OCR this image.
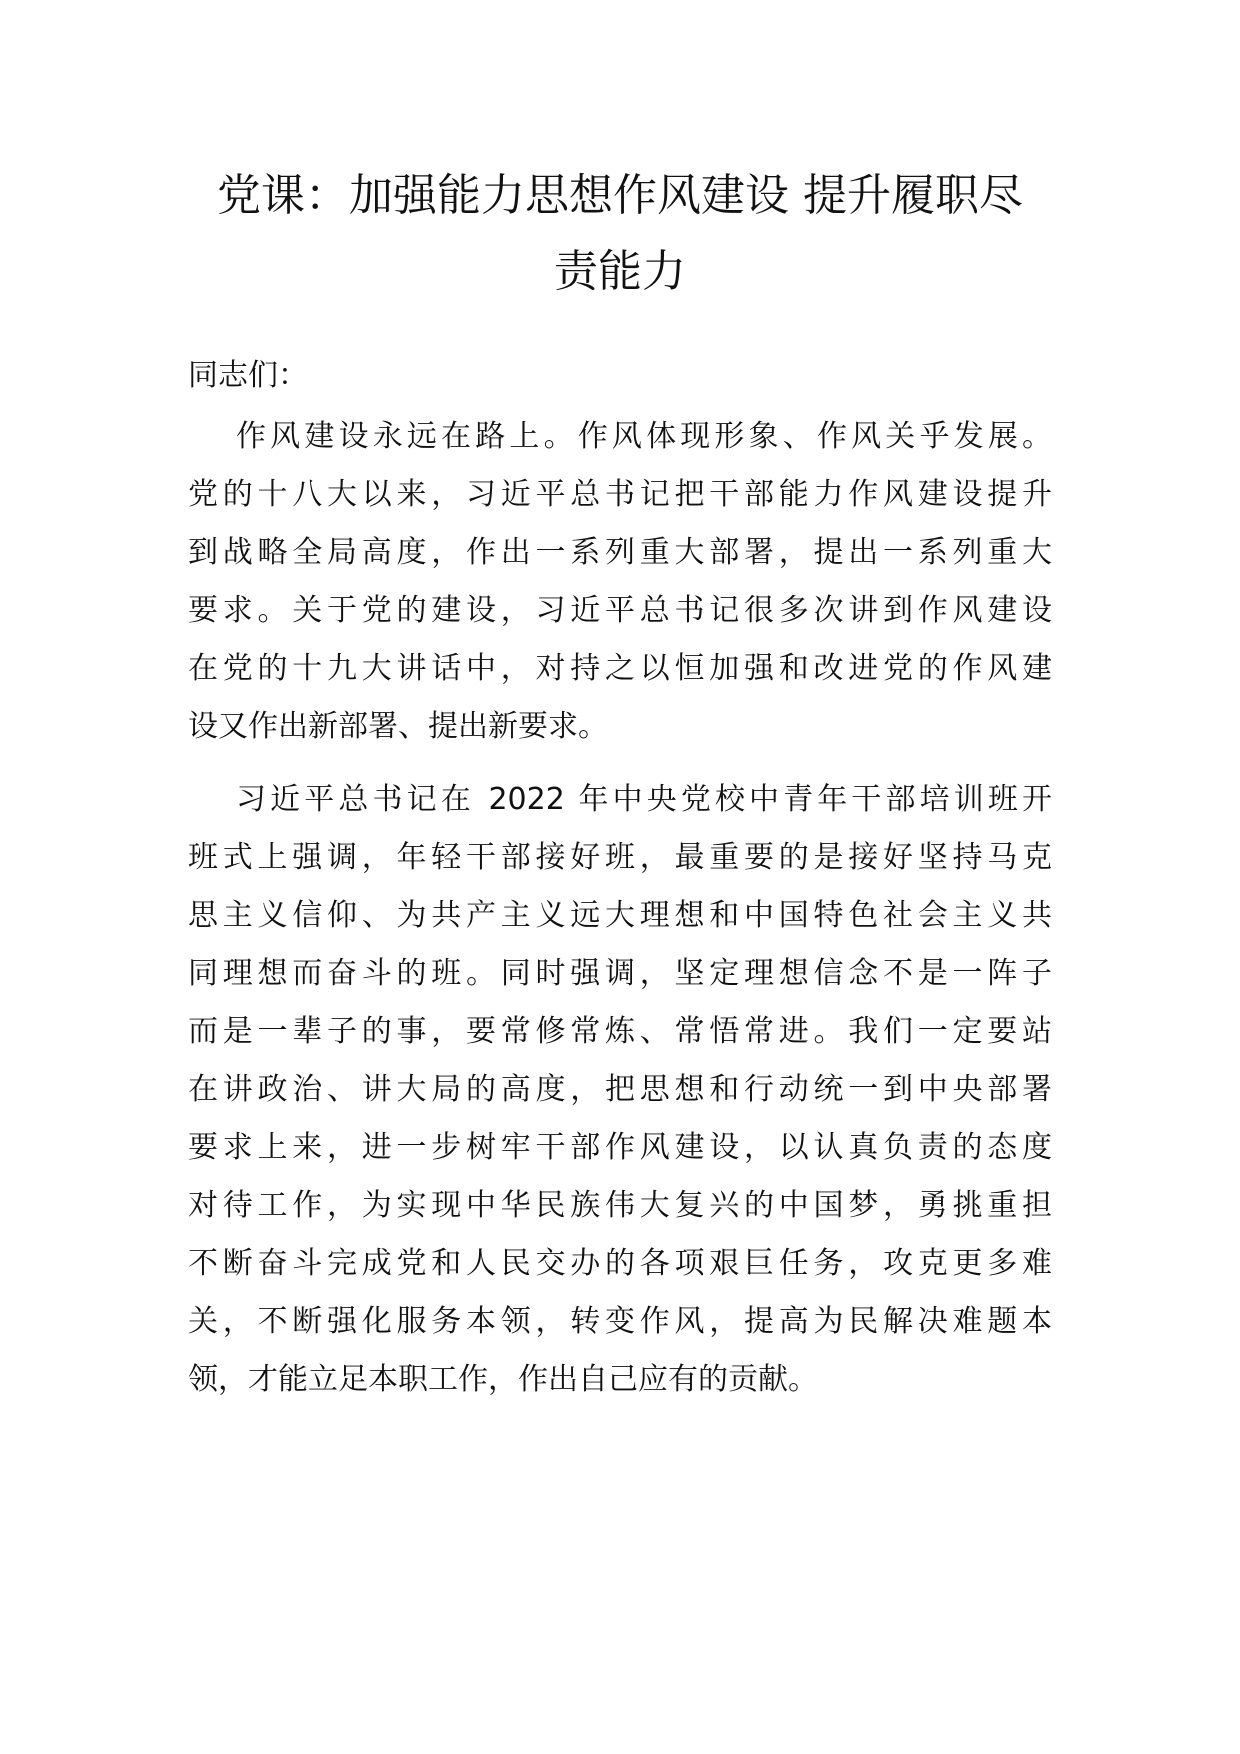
党课：加强能力思想作风建设 提升履职尽
责能力

同志们：

作风建设永远在路上。作风体现形象、作风关乎发展。

党的十八大以来，习近平总书记把干部能力作风建设提升

到战略全局高度，作出一系列重大部署，提出一系列重大

要求。关于党的建设，习近平总书记很多次讲到作风建设

在党的十九大讲话中，对持之以恒加强和改进党的作风建

设又作出新部署、提出新要求。

习近平总书记在 2022 年中央党校中青年干部培训班开

班式上强调，年轻干部接好班，最重要的是接好坚持马克

思主义信仰、为共产主义远大理想和中国特色社会主义共

同理想而奋斗的班。同时强调，坚定理想信念不是一阵子

而是一辈子的事，要常修常炼、常悟常进。我们一定要站

在讲政治、讲大局的高度，把思想和行动统一到中央部署

要求上来，进一步树牢干部作风建设，以认真负责的态度

对待工作，为实现中华民族伟大复兴的中国梦，勇挑重担

不断奋斗完成党和人民交办的各项艰巨任务，攻克更多难

关，不断强化服务本领，转变作风，提高为民解决难题本

领，才能立足本职工作，作出自己应有的贡献。
